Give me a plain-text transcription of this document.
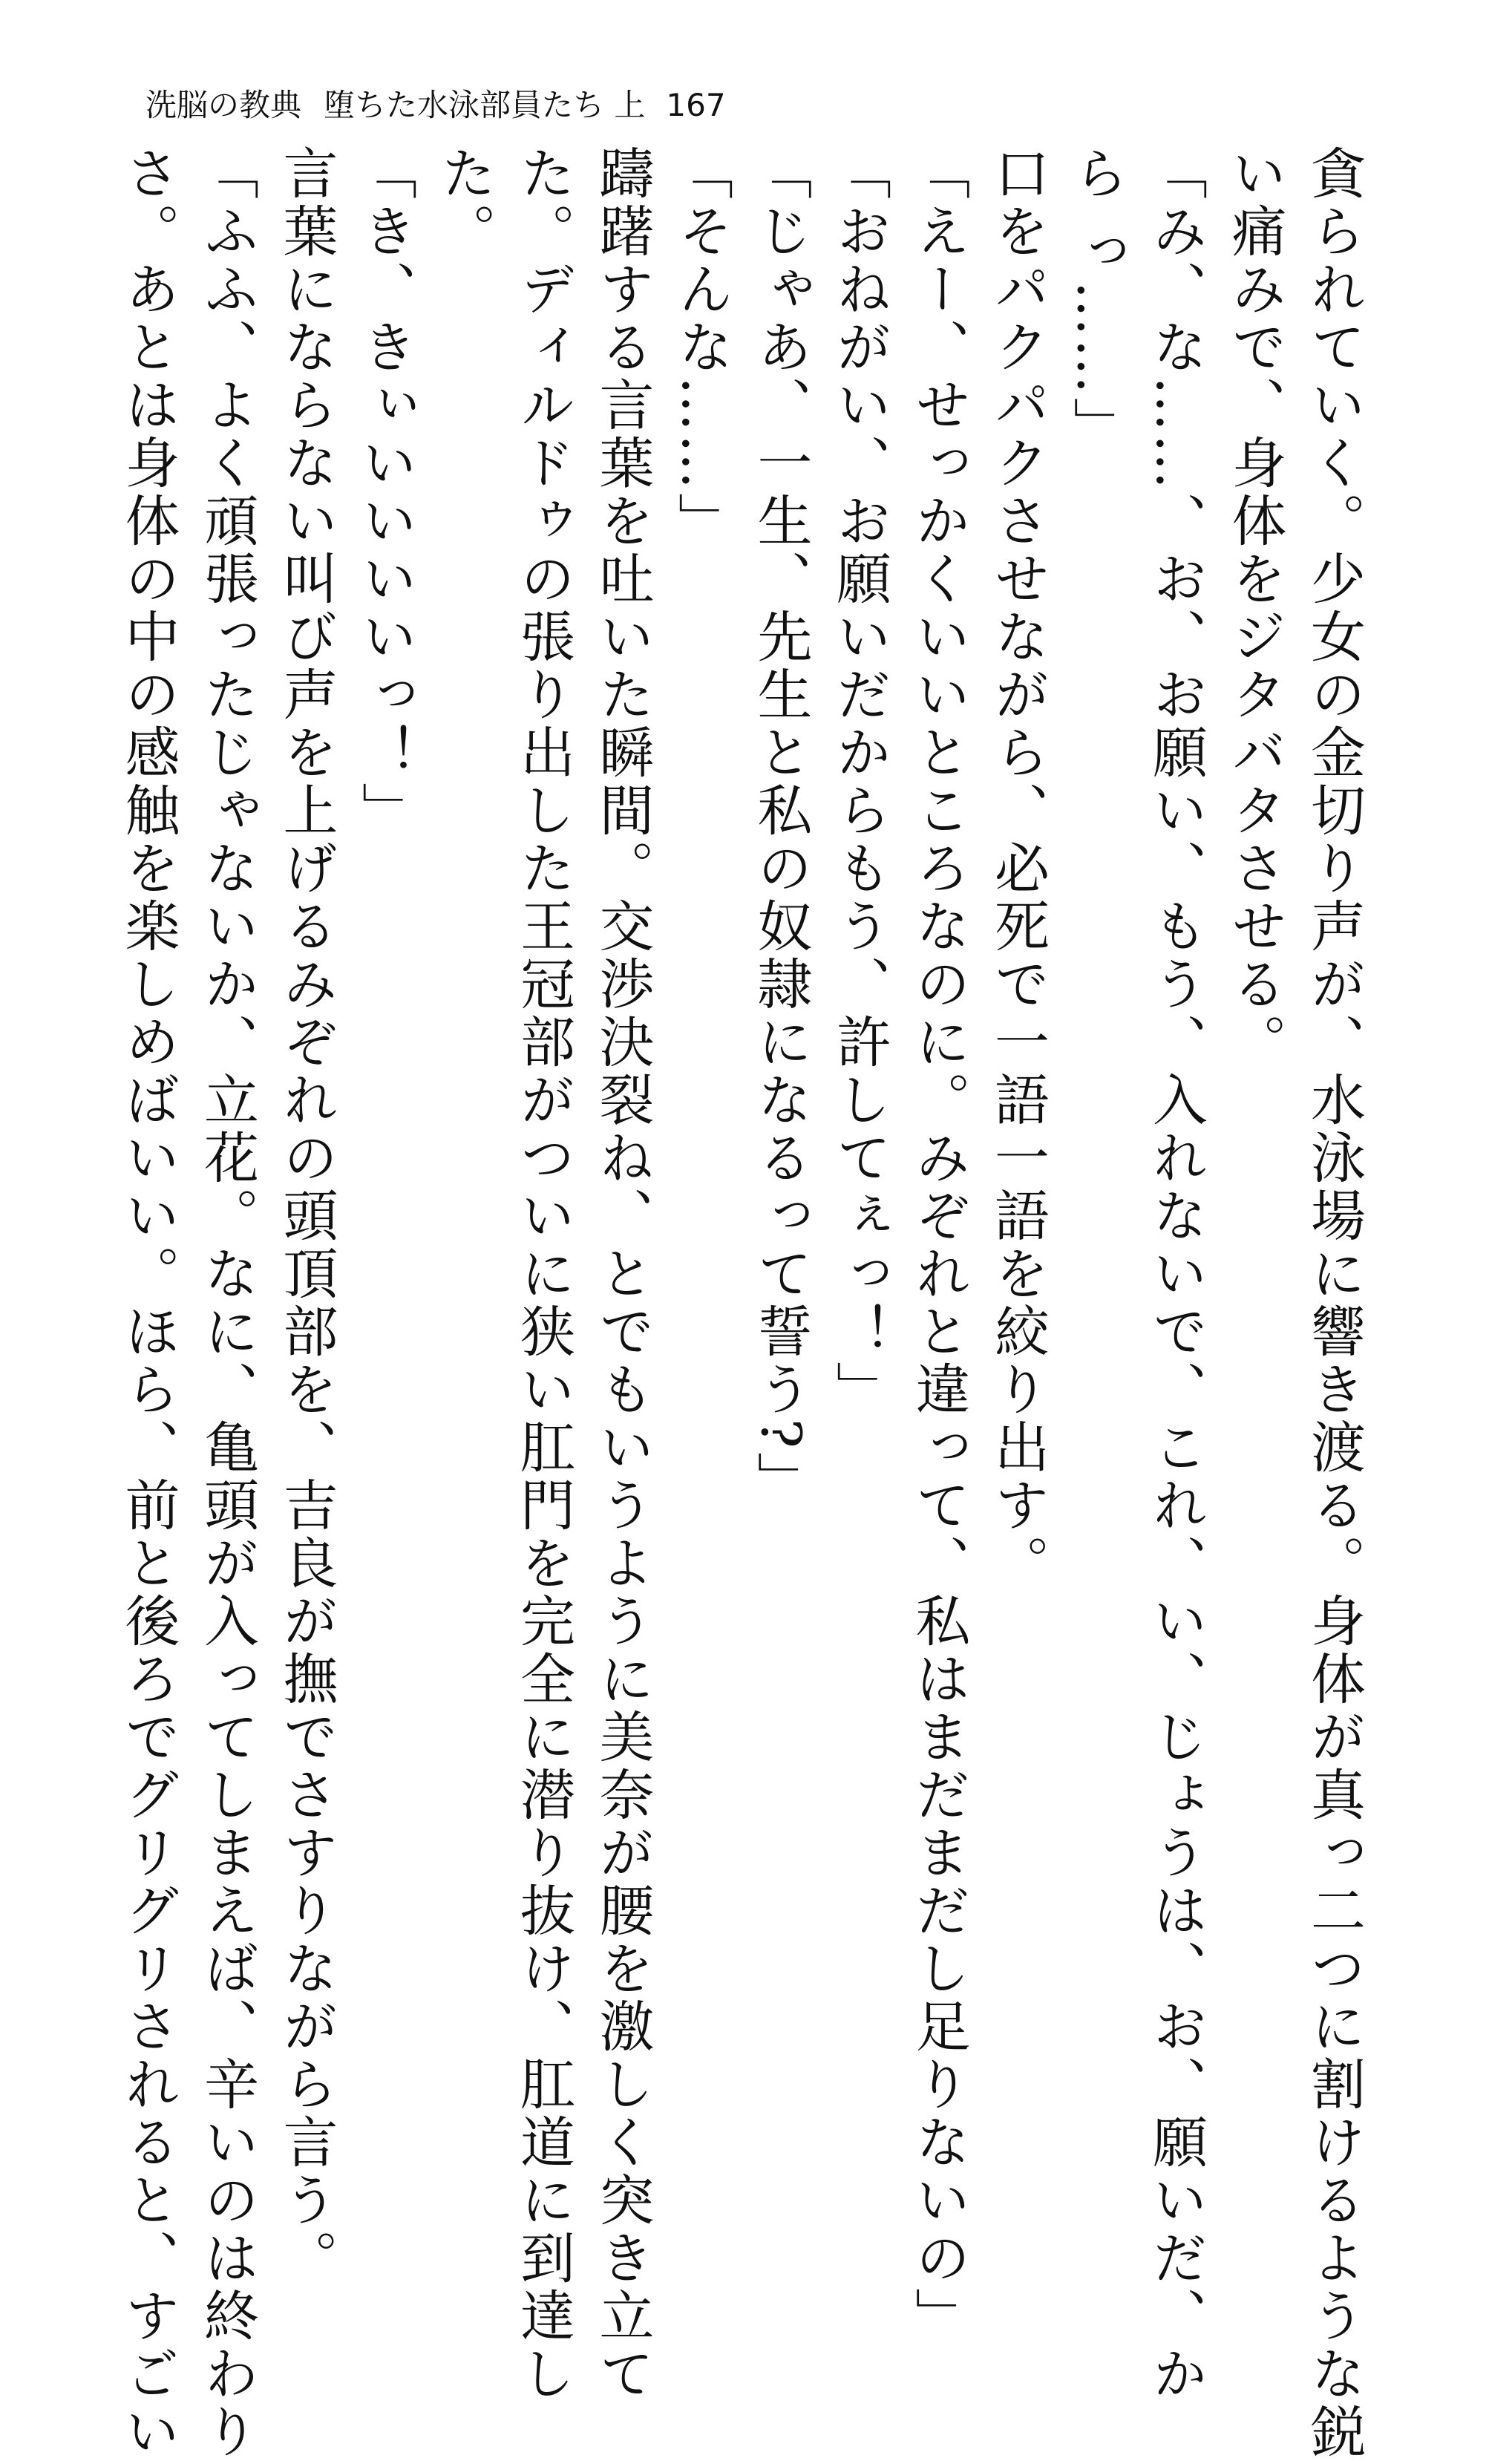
洗脳の教典 堕ちた水泳部員たち 上 167
貪られていく。少女の金切り声が、水泳場に響き渡る。身体が真っ二つに割けるような鋭
い痛みで、身体をジタバタさせる。
「み、な……、お、お願い、もう、入れないで、これ、い、じょうは、お、願いだ、か
ら っ……」
口をパクパクさせながら、必死で一語一語を絞り出す。
「えー、せっかくいいところなのに。みぞれと違って、私はまだまだし足りないの」
「おねがい、お願いだからもう、許してぇっ！」
「じゃあ、一生、先生と私の奴隷になるって誓う?」
「そんな……」
躊躇する言葉を吐いた瞬間。交渉決裂ね、とでもいうように美奈が腰を激しく突き立て
た。ディルドゥの張り出した王冠部がついに狭い肛門を完全に潜り抜け、肛道に到達し
た。
「き、きぃいいいいっ！」
言葉にならない叫び声を上げるみぞれの頭頂部を、吉良が撫でさすりながら言う。
「ふふ、よく頑張ったじゃないか、立花。なに、亀頭が入ってしまえば、辛いのは終わり
さ。あとは身体の中の感触を楽しめばいい。ほら、前と後ろでグリグリされると、すごい
